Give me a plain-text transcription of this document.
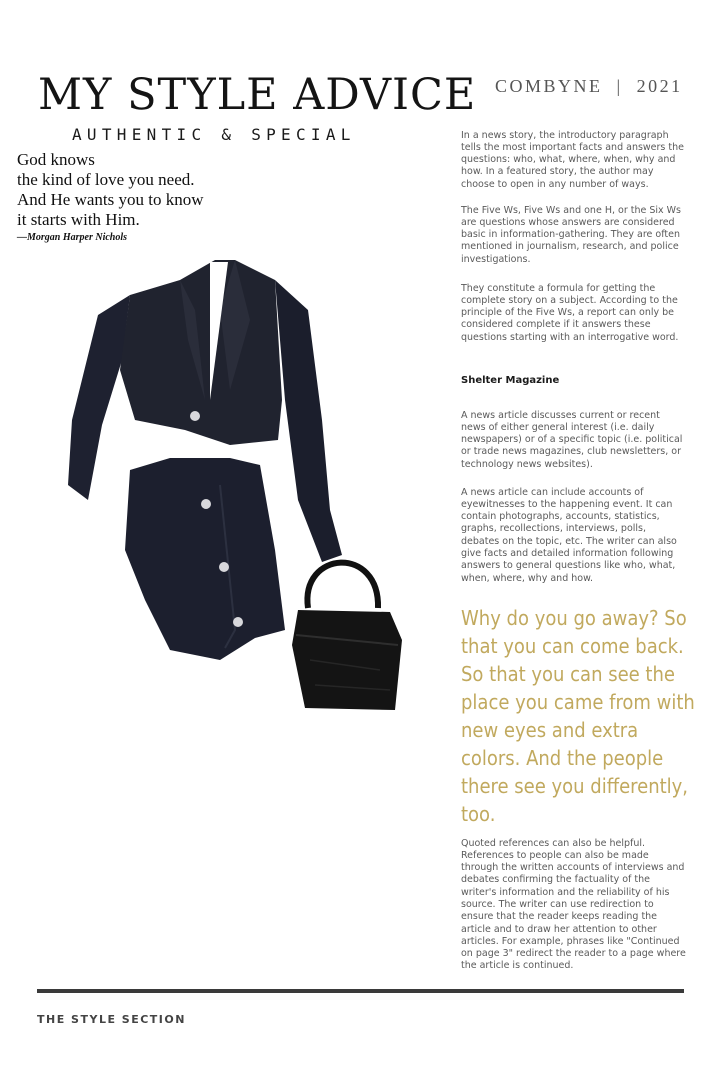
MY STYLE ADVICE
AUTHENTIC & SPECIAL
COMBYNE | 2021
God knows
the kind of love you need.
And He wants you to know
it starts with Him.
—Morgan Harper Nichols

In a news story, the introductory paragraph tells the most important facts and answers the questions: who, what, where, when, why and how. In a featured story, the author may choose to open in any number of ways.

The Five Ws, Five Ws and one H, or the Six Ws are questions whose answers are considered basic in information-gathering. They are often mentioned in journalism, research, and police investigations.

They constitute a formula for getting the complete story on a subject. According to the principle of the Five Ws, a report can only be considered complete if it answers these questions starting with an interrogative word.

Shelter Magazine

A news article discusses current or recent news of either general interest (i.e. daily newspapers) or of a specific topic (i.e. political or trade news magazines, club newsletters, or technology news websites).

A news article can include accounts of eyewitnesses to the happening event. It can contain photographs, accounts, statistics, graphs, recollections, interviews, polls, debates on the topic, etc. The writer can also give facts and detailed information following answers to general questions like who, what, when, where, why and how.

Why do you go away? So that you can come back. So that you can see the place you came from with new eyes and extra colors. And the people there see you differently, too.

Quoted references can also be helpful. References to people can also be made through the written accounts of interviews and debates confirming the factuality of the writer's information and the reliability of his source. The writer can use redirection to ensure that the reader keeps reading the article and to draw her attention to other articles. For example, phrases like "Continued on page 3" redirect the reader to a page where the article is continued.

THE STYLE SECTION
